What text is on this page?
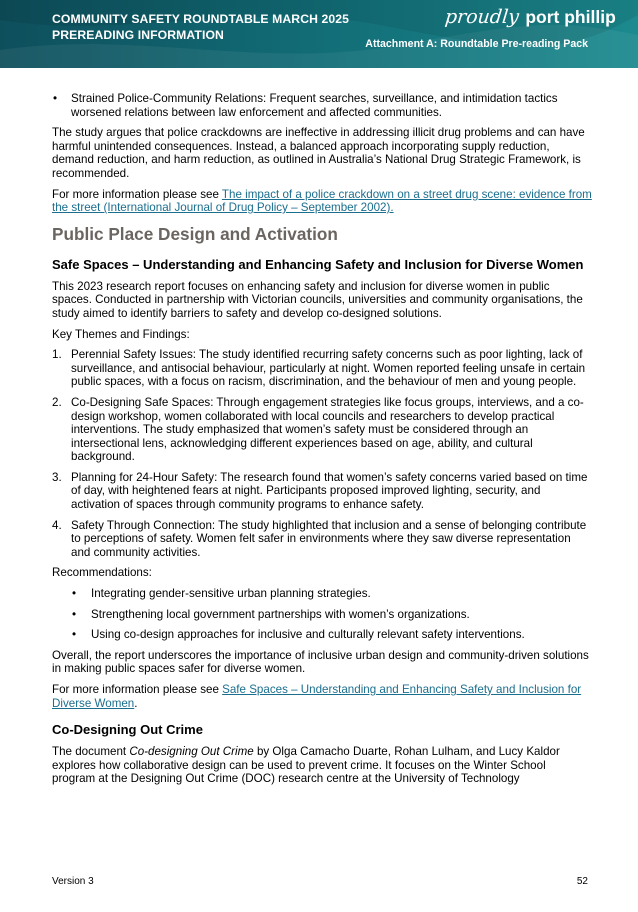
COMMUNITY SAFETY ROUNDTABLE MARCH 2025
PREREADING INFORMATION
proudly port phillip
Attachment A: Roundtable Pre-reading Pack
• Strained Police-Community Relations: Frequent searches, surveillance, and intimidation tactics worsened relations between law enforcement and affected communities.

The study argues that police crackdowns are ineffective in addressing illicit drug problems and can have harmful unintended consequences. Instead, a balanced approach incorporating supply reduction, demand reduction, and harm reduction, as outlined in Australia’s National Drug Strategic Framework, is recommended.

For more information please see The impact of a police crackdown on a street drug scene: evidence from the street (International Journal of Drug Policy – September 2002).

Public Place Design and Activation
Safe Spaces – Understanding and Enhancing Safety and Inclusion for Diverse Women

This 2023 research report focuses on enhancing safety and inclusion for diverse women in public spaces. Conducted in partnership with Victorian councils, universities and community organisations, the study aimed to identify barriers to safety and develop co-designed solutions.

Key Themes and Findings:

1. Perennial Safety Issues: The study identified recurring safety concerns such as poor lighting, lack of surveillance, and antisocial behaviour, particularly at night. Women reported feeling unsafe in certain public spaces, with a focus on racism, discrimination, and the behaviour of men and young people.
2. Co-Designing Safe Spaces: Through engagement strategies like focus groups, interviews, and a co-design workshop, women collaborated with local councils and researchers to develop practical interventions. The study emphasized that women’s safety must be considered through an intersectional lens, acknowledging different experiences based on age, ability, and cultural background.
3. Planning for 24-Hour Safety: The research found that women’s safety concerns varied based on time of day, with heightened fears at night. Participants proposed improved lighting, security, and activation of spaces through community programs to enhance safety.
4. Safety Through Connection: The study highlighted that inclusion and a sense of belonging contribute to perceptions of safety. Women felt safer in environments where they saw diverse representation and community activities.

Recommendations:

• Integrating gender-sensitive urban planning strategies.
• Strengthening local government partnerships with women’s organizations.
• Using co-design approaches for inclusive and culturally relevant safety interventions.

Overall, the report underscores the importance of inclusive urban design and community-driven solutions in making public spaces safer for diverse women.

For more information please see Safe Spaces – Understanding and Enhancing Safety and Inclusion for Diverse Women.

Co-Designing Out Crime

The document Co-designing Out Crime by Olga Camacho Duarte, Rohan Lulham, and Lucy Kaldor explores how collaborative design can be used to prevent crime. It focuses on the Winter School program at the Designing Out Crime (DOC) research centre at the University of Technology

Version 3	52
